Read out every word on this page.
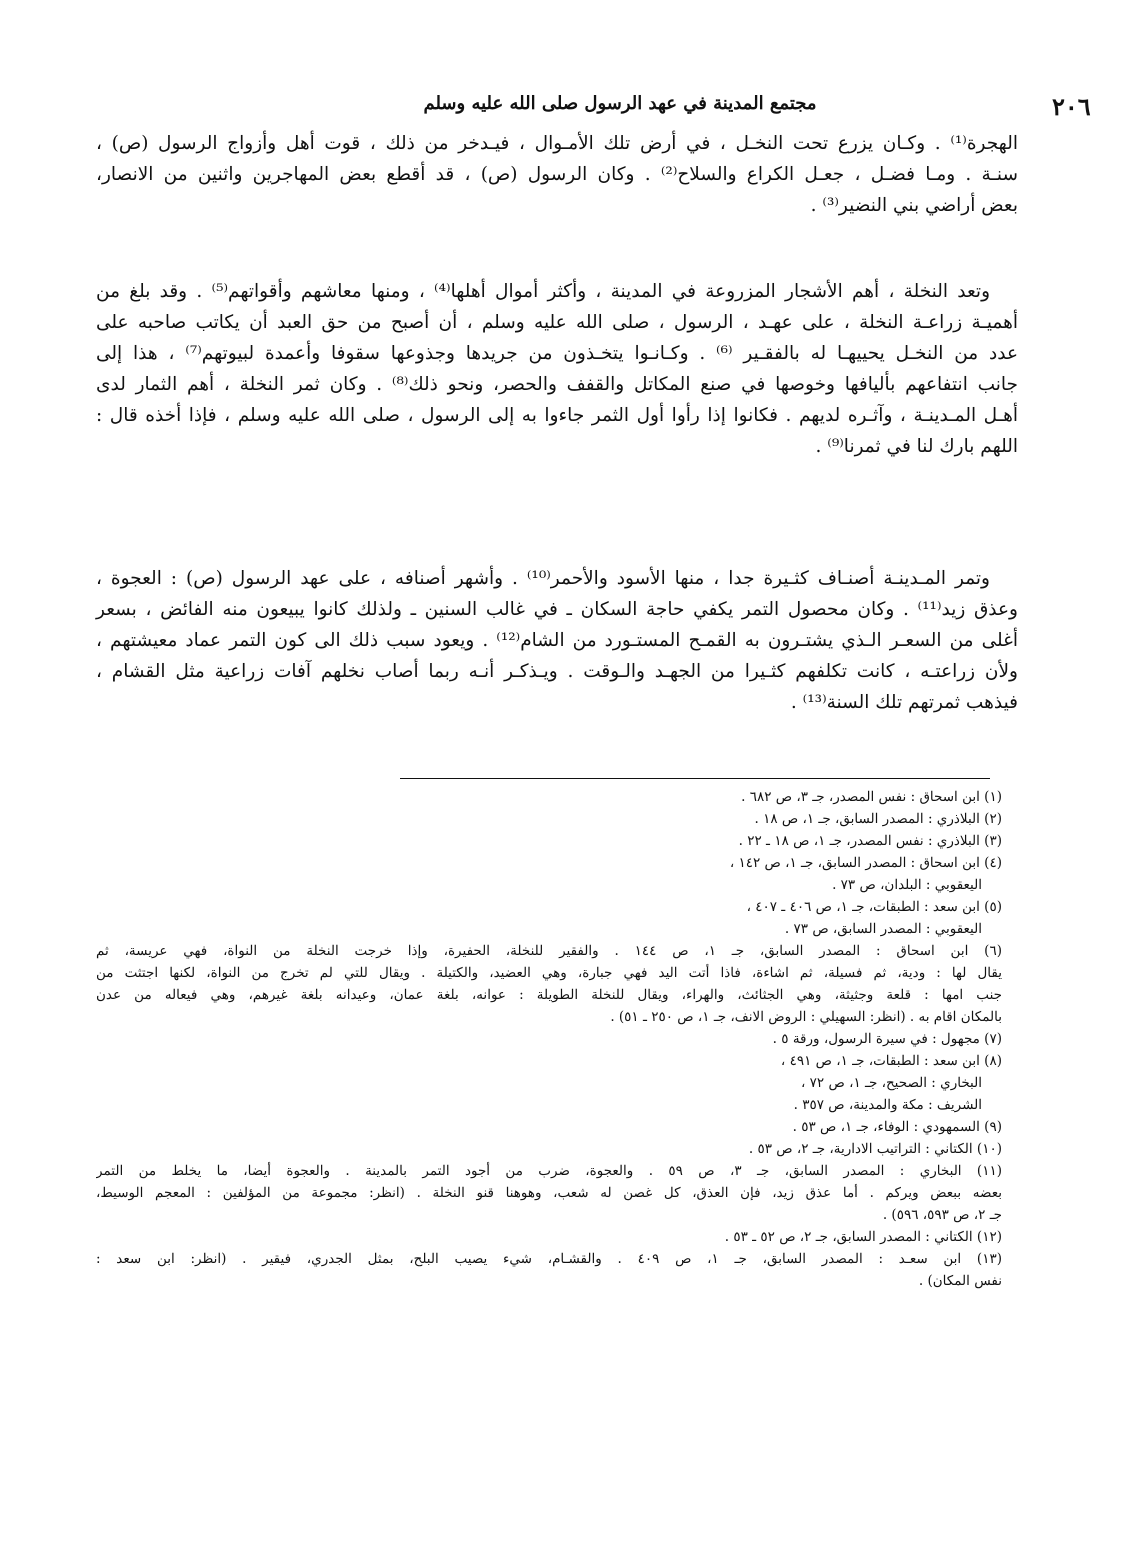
٢٠٦
مجتمع المدينة في عهد الرسول صلى الله عليه وسلم
الهجرة⁽¹⁾ . وكـان يزرع تحت النخـل ، في أرض تلك الأمـوال ، فيـدخر من ذلك ، قوت أهل وأزواج الرسول (ص) ،
سنـة . ومـا فضـل ، جعـل الكراع والسلاح⁽²⁾ . وكان الرسول (ص) ، قد أقطع بعض المهاجرين واثنين من الانصار،
بعض أراضي بني النضير⁽³⁾ .
وتعد النخلة ، أهم الأشجار المزروعة في المدينة ، وأكثر أموال أهلها⁽⁴⁾ ، ومنها معاشهم وأقواتهم⁽⁵⁾ . وقد بلغ من
أهميـة زراعـة النخلة ، على عهـد ، الرسول ، صلى الله عليه وسلم ، أن أصبح من حق العبد أن يكاتب صاحبه على
عدد من النخـل يحييهـا له بالفقـير ⁽⁶⁾ . وكـانـوا يتخـذون من جريدها وجذوعها سقوفا وأعمدة لبيوتهم⁽⁷⁾ ، هذا إلى
جانب انتفاعهم بأليافها وخوصها في صنع المكاتل والقفف والحصر، ونحو ذلك⁽⁸⁾ . وكان ثمر النخلة ، أهم الثمار لدى
أهـل المـدينـة ، وآثـره لديهم . فكانوا إذا رأوا أول الثمر جاءوا به إلى الرسول ، صلى الله عليه وسلم ، فإذا أخذه قال :
اللهم بارك لنا في ثمرنا⁽⁹⁾ .
وتمر المـدينـة أصنـاف كثـيرة جدا ، منها الأسود والأحمر⁽¹⁰⁾ . وأشهر أصنافه ، على عهد الرسول (ص) : العجوة ،
وعذق زيد⁽¹¹⁾ . وكان محصول التمر يكفي حاجة السكان ـ في غالب السنين ـ ولذلك كانوا يبيعون منه الفائض ، بسعر
أغلى من السعـر الـذي يشتـرون به القمـح المستـورد من الشام⁽¹²⁾ . ويعود سبب ذلك الى كون التمر عماد معيشتهم ،
ولأن زراعتـه ، كانت تكلفهم كثـيرا من الجهـد والـوقت . ويـذكـر أنـه ربما أصاب نخلهم آفات زراعية مثل القشام ،
فيذهب ثمرتهم تلك السنة⁽¹³⁾ .
(١) ابن اسحاق : نفس المصدر، جـ ٣، ص ٦٨٢ .
(٢) البلاذري : المصدر السابق، جـ ١، ص ١٨ .
(٣) البلاذري : نفس المصدر، جـ ١، ص ١٨ ـ ٢٢ .
(٤) ابن اسحاق : المصدر السابق، جـ ١، ص ١٤٢ ،
اليعقوبي : البلدان، ص ٧٣ .
(٥) ابن سعد : الطبقات، جـ ١، ص ٤٠٦ ـ ٤٠٧ ،
اليعقوبي : المصدر السابق، ص ٧٣ .
(٦) ابن اسحاق : المصدر السابق، جـ ١، ص ١٤٤ . والفقير للنخلة، الحفيرة، وإذا خرجت النخلة من النواة، فهي عريسة، ثم
يقال لها : ودية، ثم فسيلة، ثم اشاءة، فاذا أتت اليد فهي جبارة، وهي العضيد، والكتيلة . ويقال للتي لم تخرج من النواة، لكنها اجتثت من
جنب امها : قلعة وجثيثة، وهي الجثائث، والهراء، ويقال للنخلة الطويلة : عوانه، بلغة عمان، وعيدانه بلغة غيرهم، وهي فيعاله من عدن
بالمكان اقام به . (انظر: السهيلي : الروض الانف، جـ ١، ص ٢٥٠ ـ ٥١) .
(٧) مجهول : في سيرة الرسول، ورقة ٥ .
(٨) ابن سعد : الطبقات، جـ ١، ص ٤٩١ ،
البخاري : الصحيح، جـ ١، ص ٧٢ ،
الشريف : مكة والمدينة، ص ٣٥٧ .
(٩) السمهودي : الوفاء، جـ ١، ص ٥٣ .
(١٠) الكتاني : التراتيب الادارية، جـ ٢، ص ٥٣ .
(١١) البخاري : المصدر السابق، جـ ٣، ص ٥٩ . والعجوة، ضرب من أجود التمر بالمدينة . والعجوة أيضا، ما يخلط من التمر
بعضه ببعض ويركم . أما عذق زيد، فإن العذق، كل غصن له شعب، وهوهنا قنو النخلة . (انظر: مجموعة من المؤلفين : المعجم الوسيط،
جـ ٢، ص ٥٩٣، ٥٩٦) .
(١٢) الكتاني : المصدر السابق، جـ ٢، ص ٥٢ ـ ٥٣ .
(١٣) ابن سعـد : المصدر السابق، جـ ١، ص ٤٠٩ . والقشـام، شيء يصيب البلح، بمثل الجدري، فيقير . (انظر: ابن سعد :
نفس المكان) .
